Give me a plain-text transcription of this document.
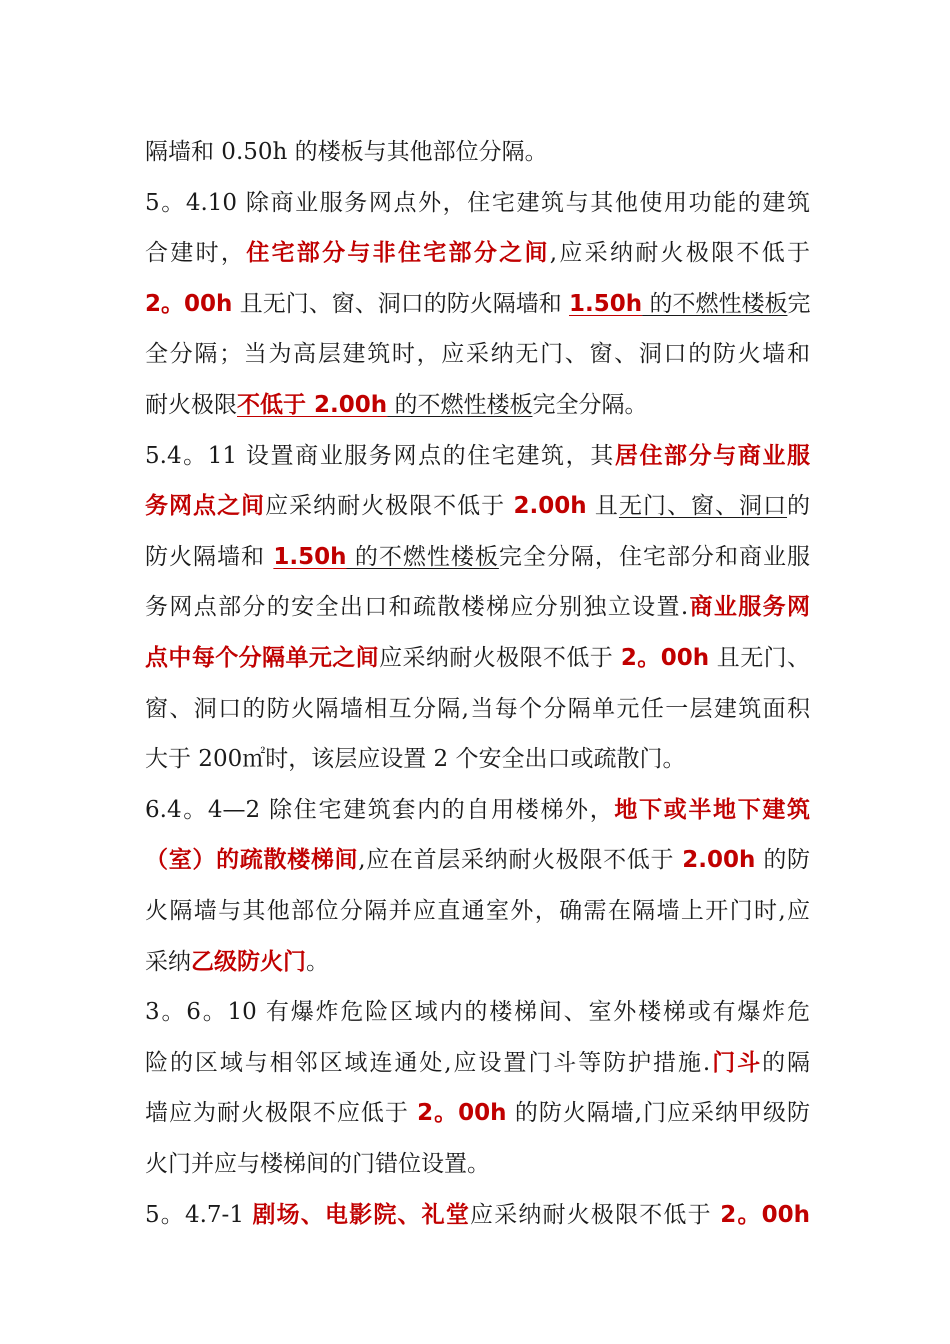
隔墙和 0.50h 的楼板与其他部位分隔。
5。4.10 除商业服务网点外，住宅建筑与其他使用功能的建筑
合建时，住宅部分与非住宅部分之间,应采纳耐火极限不低于
2。00h 且无门、窗、洞口的防火隔墙和 1.50h 的不燃性楼板完
全分隔；当为高层建筑时，应采纳无门、窗、洞口的防火墙和
耐火极限不低于 2.00h 的不燃性楼板完全分隔。
5.4。11 设置商业服务网点的住宅建筑，其居住部分与商业服
务网点之间应采纳耐火极限不低于 2.00h 且无门、窗、洞口的
防火隔墙和 1.50h 的不燃性楼板完全分隔，住宅部分和商业服
务网点部分的安全出口和疏散楼梯应分别独立设置.商业服务网
点中每个分隔单元之间应采纳耐火极限不低于 2。00h 且无门、
窗、洞口的防火隔墙相互分隔,当每个分隔单元任一层建筑面积
大于 200㎡时，该层应设置 2 个安全出口或疏散门。
6.4。4—2 除住宅建筑套内的自用楼梯外，地下或半地下建筑
（室）的疏散楼梯间,应在首层采纳耐火极限不低于 2.00h 的防
火隔墙与其他部位分隔并应直通室外，确需在隔墙上开门时,应
采纳乙级防火门。
3。6。10 有爆炸危险区域内的楼梯间、室外楼梯或有爆炸危
险的区域与相邻区域连通处,应设置门斗等防护措施.门斗的隔
墙应为耐火极限不应低于 2。00h 的防火隔墙,门应采纳甲级防
火门并应与楼梯间的门错位设置。
5。4.7-1 剧场、电影院、礼堂应采纳耐火极限不低于 2。00h
